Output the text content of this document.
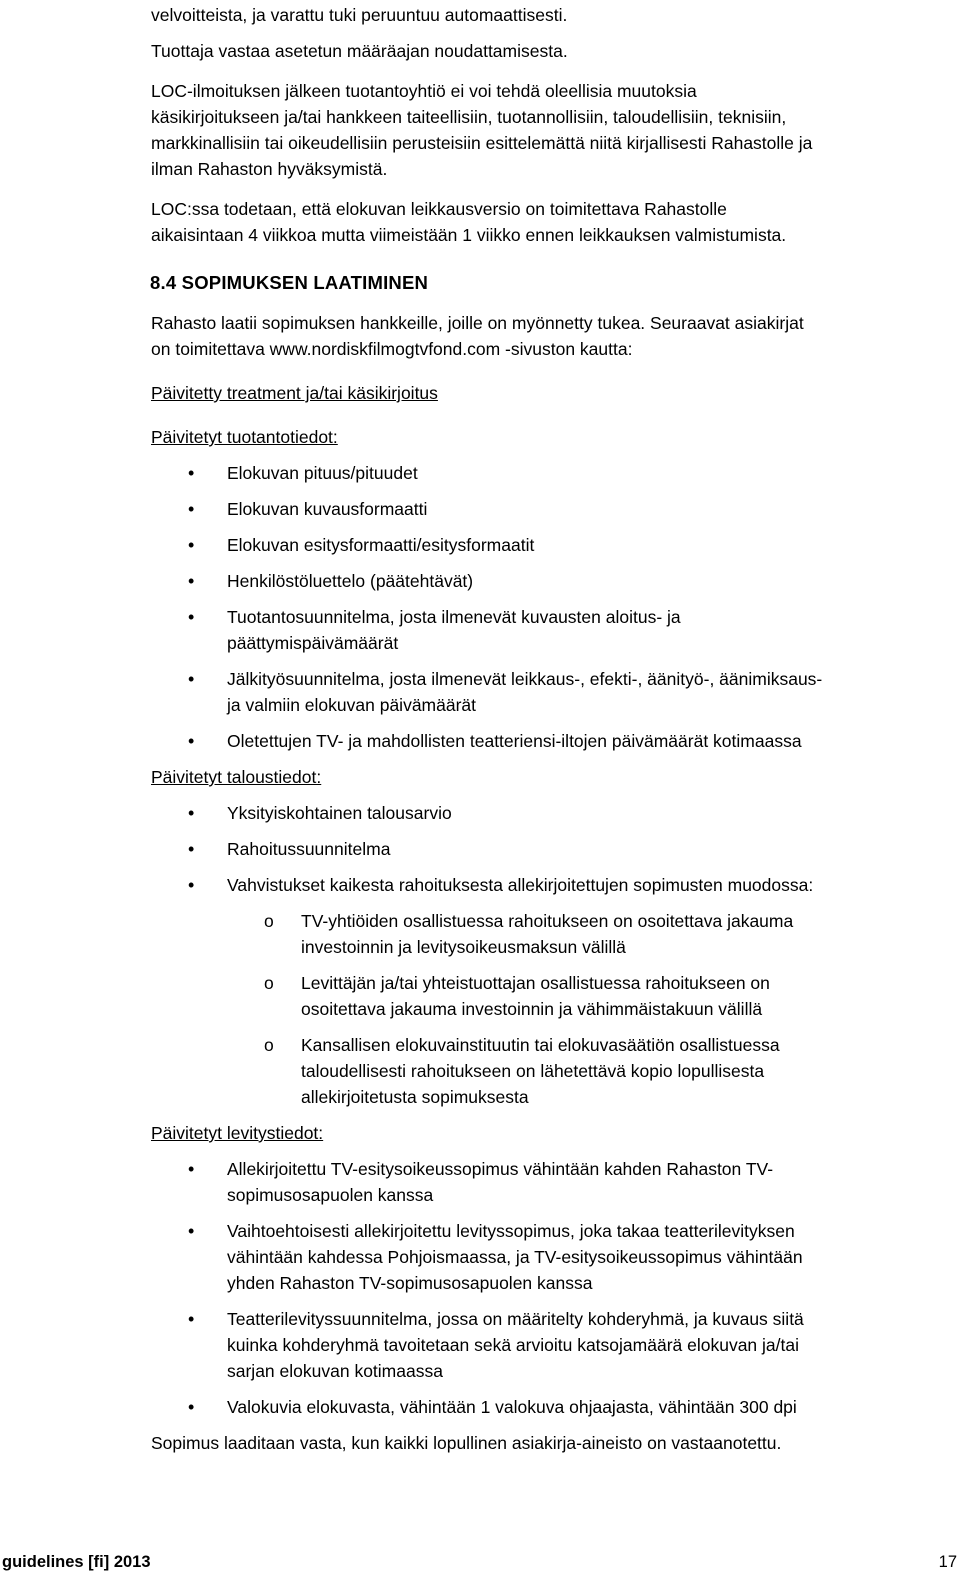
velvoitteista, ja varattu tuki peruuntuu automaattisesti.

Tuottaja vastaa asetetun määräajan noudattamisesta.

LOC-ilmoituksen jälkeen tuotantoyhtiö ei voi tehdä oleellisia muutoksia
käsikirjoitukseen ja/tai hankkeen taiteellisiin, tuotannollisiin, taloudellisiin, teknisiin,
markkinallisiin tai oikeudellisiin perusteisiin esittelemättä niitä kirjallisesti Rahastolle ja
ilman Rahaston hyväksymistä.

LOC:ssa todetaan, että elokuvan leikkausversio on toimitettava Rahastolle
aikaisintaan 4 viikkoa mutta viimeistään 1 viikko ennen leikkauksen valmistumista.

8.4 SOPIMUKSEN LAATIMINEN

Rahasto laatii sopimuksen hankkeille, joille on myönnetty tukea. Seuraavat asiakirjat
on toimitettava www.nordiskfilmogtvfond.com -sivuston kautta:

Päivitetty treatment ja/tai käsikirjoitus

Päivitetyt tuotantotiedot:

• Elokuvan pituus/pituudet
• Elokuvan kuvausformaatti
• Elokuvan esitysformaatti/esitysformaatit
• Henkilöstöluettelo (päätehtävät)
• Tuotantosuunnitelma, josta ilmenevät kuvausten aloitus- ja
päättymispäivämäärät
• Jälkityösuunnitelma, josta ilmenevät leikkaus-, efekti-, äänityö-, äänimiksaus-
ja valmiin elokuvan päivämäärät
• Oletettujen TV- ja mahdollisten teatteriensi-iltojen päivämäärät kotimaassa

Päivitetyt taloustiedot:

• Yksityiskohtainen talousarvio
• Rahoitussuunnitelma
• Vahvistukset kaikesta rahoituksesta allekirjoitettujen sopimusten muodossa:
o TV-yhtiöiden osallistuessa rahoitukseen on osoitettava jakauma
investoinnin ja levitysoikeusmaksun välillä
o Levittäjän ja/tai yhteistuottajan osallistuessa rahoitukseen on
osoitettava jakauma investoinnin ja vähimmäistakuun välillä
o Kansallisen elokuvainstituutin tai elokuvasäätiön osallistuessa
taloudellisesti rahoitukseen on lähetettävä kopio lopullisesta
allekirjoitetusta sopimuksesta

Päivitetyt levitystiedot:

• Allekirjoitettu TV-esitysoikeussopimus vähintään kahden Rahaston TV-
sopimusosapuolen kanssa
• Vaihtoehtoisesti allekirjoitettu levityssopimus, joka takaa teatterilevityksen
vähintään kahdessa Pohjoismaassa, ja TV-esitysoikeussopimus vähintään
yhden Rahaston TV-sopimusosapuolen kanssa
• Teatterilevityssuunnitelma, jossa on määritelty kohderyhmä, ja kuvaus siitä
kuinka kohderyhmä tavoitetaan sekä arvioitu katsojamäärä elokuvan ja/tai
sarjan elokuvan kotimaassa
• Valokuvia elokuvasta, vähintään 1 valokuva ohjaajasta, vähintään 300 dpi

Sopimus laaditaan vasta, kun kaikki lopullinen asiakirja-aineisto on vastaanotettu.

guidelines [fi] 2013	17
